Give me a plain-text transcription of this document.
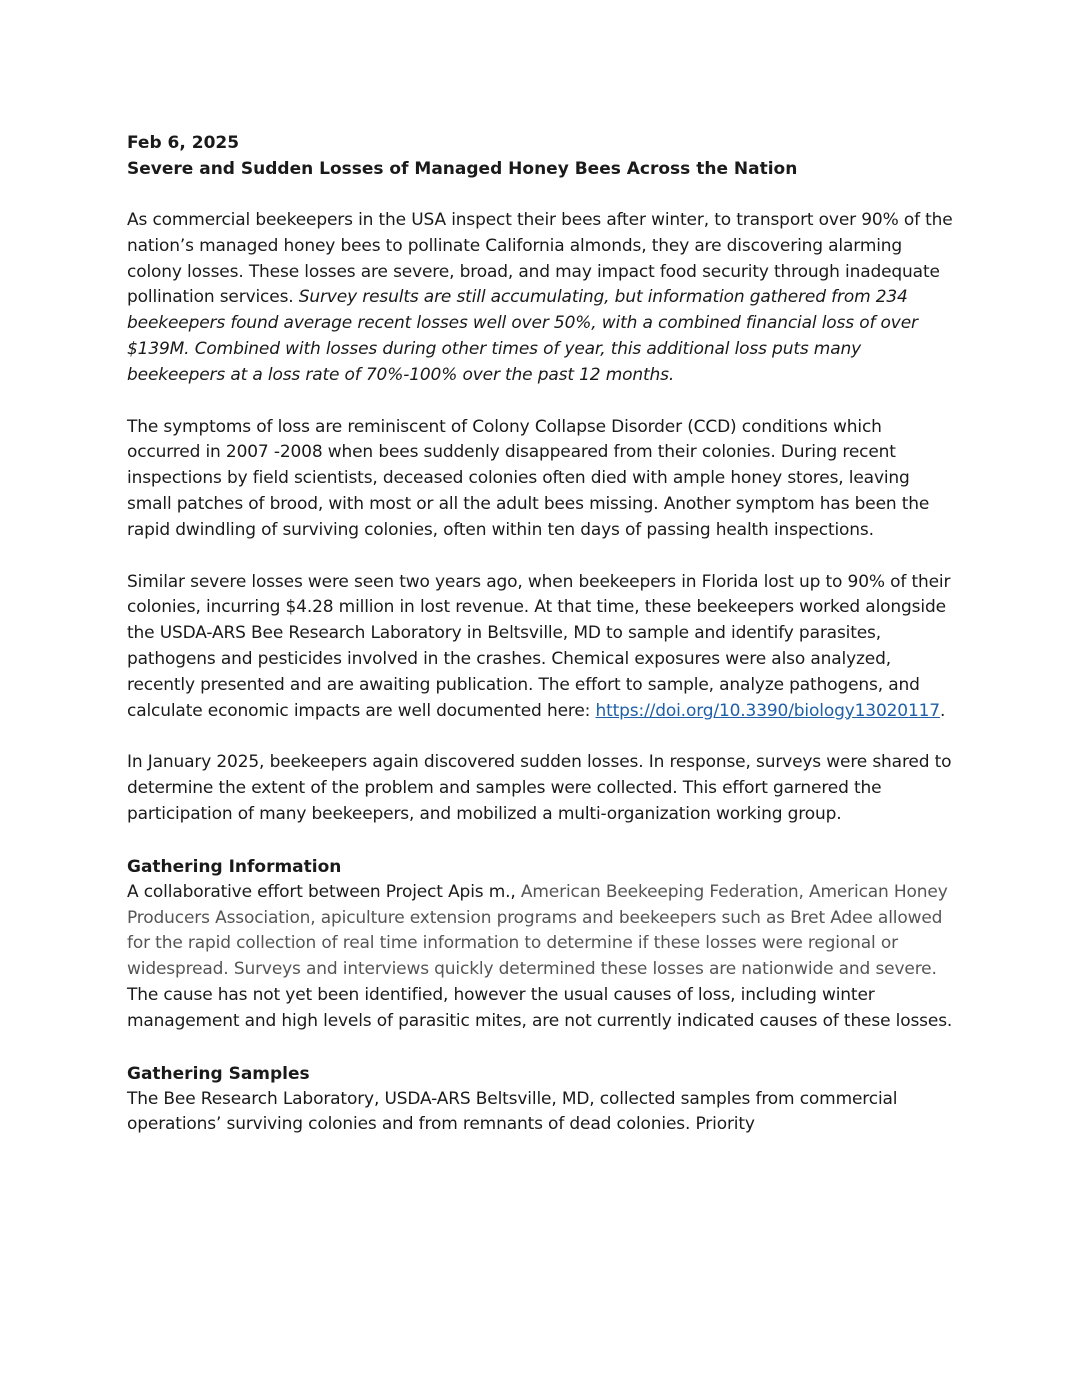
Feb 6, 2025

Severe and Sudden Losses of Managed Honey Bees Across the Nation

As commercial beekeepers in the USA inspect their bees after winter, to transport over 90% of the nation’s managed honey bees to pollinate California almonds, they are discovering alarming colony losses. These losses are severe, broad, and may impact food security through inadequate pollination services. Survey results are still accumulating, but information gathered from 234 beekeepers found average recent losses well over 50%, with a combined financial loss of over $139M. Combined with losses during other times of year, this additional loss puts many beekeepers at a loss rate of 70%-100% over the past 12 months.

The symptoms of loss are reminiscent of Colony Collapse Disorder (CCD) conditions which occurred in 2007 -2008 when bees suddenly disappeared from their colonies. During recent inspections by field scientists, deceased colonies often died with ample honey stores, leaving small patches of brood, with most or all the adult bees missing. Another symptom has been the rapid dwindling of surviving colonies, often within ten days of passing health inspections.

Similar severe losses were seen two years ago, when beekeepers in Florida lost up to 90% of their colonies, incurring $4.28 million in lost revenue. At that time, these beekeepers worked alongside the USDA-ARS Bee Research Laboratory in Beltsville, MD to sample and identify parasites, pathogens and pesticides involved in the crashes. Chemical exposures were also analyzed, recently presented and are awaiting publication. The effort to sample, analyze pathogens, and calculate economic impacts are well documented here: https://doi.org/10.3390/biology13020117.

In January 2025, beekeepers again discovered sudden losses. In response, surveys were shared to determine the extent of the problem and samples were collected. This effort garnered the participation of many beekeepers, and mobilized a multi-organization working group.

Gathering Information

A collaborative effort between Project Apis m., American Beekeeping Federation, American Honey Producers Association, apiculture extension programs and beekeepers such as Bret Adee allowed for the rapid collection of real time information to determine if these losses were regional or widespread. Surveys and interviews quickly determined these losses are nationwide and severe. The cause has not yet been identified, however the usual causes of loss, including winter management and high levels of parasitic mites, are not currently indicated causes of these losses.

Gathering Samples

The Bee Research Laboratory, USDA-ARS Beltsville, MD, collected samples from commercial operations’ surviving colonies and from remnants of dead colonies. Priority
